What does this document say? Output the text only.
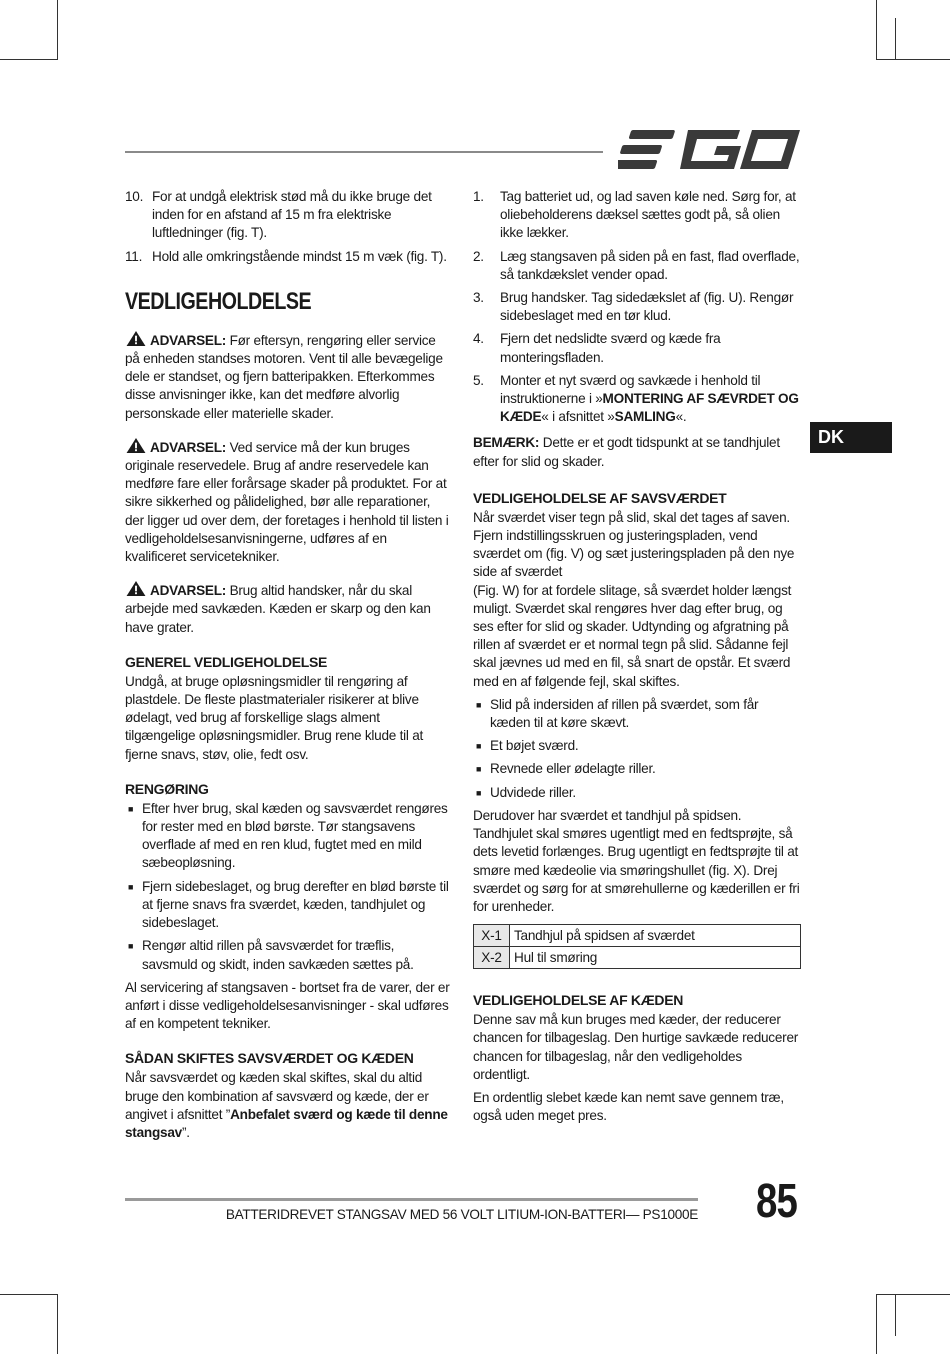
DK
10. For at undgå elektrisk stød må du ikke bruge det inden for en afstand af 15 m fra elektriske luftledninger (fig. T).
11. Hold alle omkringstående mindst 15 m væk (fig. T).
VEDLIGEHOLDELSE
ADVARSEL: Før eftersyn, rengøring eller service på enheden standses motoren. Vent til alle bevægelige dele er standset, og fjern batteripakken. Efterkommes disse anvisninger ikke, kan det medføre alvorlig personskade eller materielle skader.
ADVARSEL: Ved service må der kun bruges originale reservedele. Brug af andre reservedele kan medføre fare eller forårsage skader på produktet. For at sikre sikkerhed og pålidelighed, bør alle reparationer, der ligger ud over dem, der foretages i henhold til listen i vedligeholdelsesanvisningerne, udføres af en kvalificeret servicetekniker.
ADVARSEL: Brug altid handsker, når du skal arbejde med savkæden. Kæden er skarp og den kan have grater.
GENEREL VEDLIGEHOLDELSE
Undgå, at bruge opløsningsmidler til rengøring af plastdele. De fleste plastmaterialer risikerer at blive ødelagt, ved brug af forskellige slags alment tilgængelige opløsningsmidler. Brug rene klude til at fjerne snavs, støv, olie, fedt osv.
RENGØRING
■ Efter hver brug, skal kæden og savsværdet rengøres for rester med en blød børste. Tør stangsavens overflade af med en ren klud, fugtet med en mild sæbeopløsning.
■ Fjern sidebeslaget, og brug derefter en blød børste til at fjerne snavs fra sværdet, kæden, tandhjulet og sidebeslaget.
■ Rengør altid rillen på savsværdet for træflis, savsmuld og skidt, inden savkæden sættes på.
Al servicering af stangsaven - bortset fra de varer, der er anført i disse vedligeholdelsesanvisninger - skal udføres af en kompetent tekniker.
SÅDAN SKIFTES SAVSVÆRDET OG KÆDEN
Når savsværdet og kæden skal skiftes, skal du altid bruge den kombination af savsværd og kæde, der er angivet i afsnittet ”Anbefalet sværd og kæde til denne stangsav”.
1.	Tag batteriet ud, og lad saven køle ned. Sørg for, at oliebeholderens dæksel sættes godt på, så olien ikke lækker.
2.	Læg stangsaven på siden på en fast, flad overflade, så tankdækslet vender opad.
3.	Brug handsker. Tag sidedækslet af (fig. U). Rengør sidebeslaget med en tør klud.
4.	Fjern det nedslidte sværd og kæde fra monteringsfladen.
5.	Monter et nyt sværd og savkæde i henhold til instruktionerne i »MONTERING AF SÆVRDET OG KÆDE« i afsnittet »SAMLING«.
BEMÆRK: Dette er et godt tidspunkt at se tandhjulet efter for slid og skader.
VEDLIGEHOLDELSE AF SAVSVÆRDET
Når sværdet viser tegn på slid, skal det tages af saven. Fjern indstillingsskruen og justeringspladen, vend sværdet om (fig. V) og sæt justeringspladen på den nye side af sværdet
(Fig. W) for at fordele slitage, så sværdet holder længst muligt. Sværdet skal rengøres hver dag efter brug, og ses efter for slid og skader. Udtynding og afgratning på rillen af sværdet er et normal tegn på slid. Sådanne fejl skal jævnes ud med en fil, så snart de opstår. Et sværd med en af følgende fejl, skal skiftes.
■ Slid på indersiden af rillen på sværdet, som får kæden til at køre skævt.
■ Et bøjet sværd.
■ Revnede eller ødelagte riller.
■ Udvidede riller.
Derudover har sværdet et tandhjul på spidsen. Tandhjulet skal smøres ugentligt med en fedtsprøjte, så dets levetid forlænges. Brug ugentligt en fedtsprøjte til at smøre med kædeolie via smøringshullet (fig. X). Drej sværdet og sørg for at smørehullerne og kæderillen er fri for urenheder.
X-1	Tandhjul på spidsen af sværdet
X-2	Hul til smøring
VEDLIGEHOLDELSE AF KÆDEN
Denne sav må kun bruges med kæder, der reducerer chancen for tilbageslag. Den hurtige savkæde reducerer chancen for tilbageslag, når den vedligeholdes ordentligt.
En ordentlig slebet kæde kan nemt save gennem træ, også uden meget pres.
BATTERIDREVET STANGSAV MED 56 VOLT LITIUM-ION-BATTERI— PS1000E 85
